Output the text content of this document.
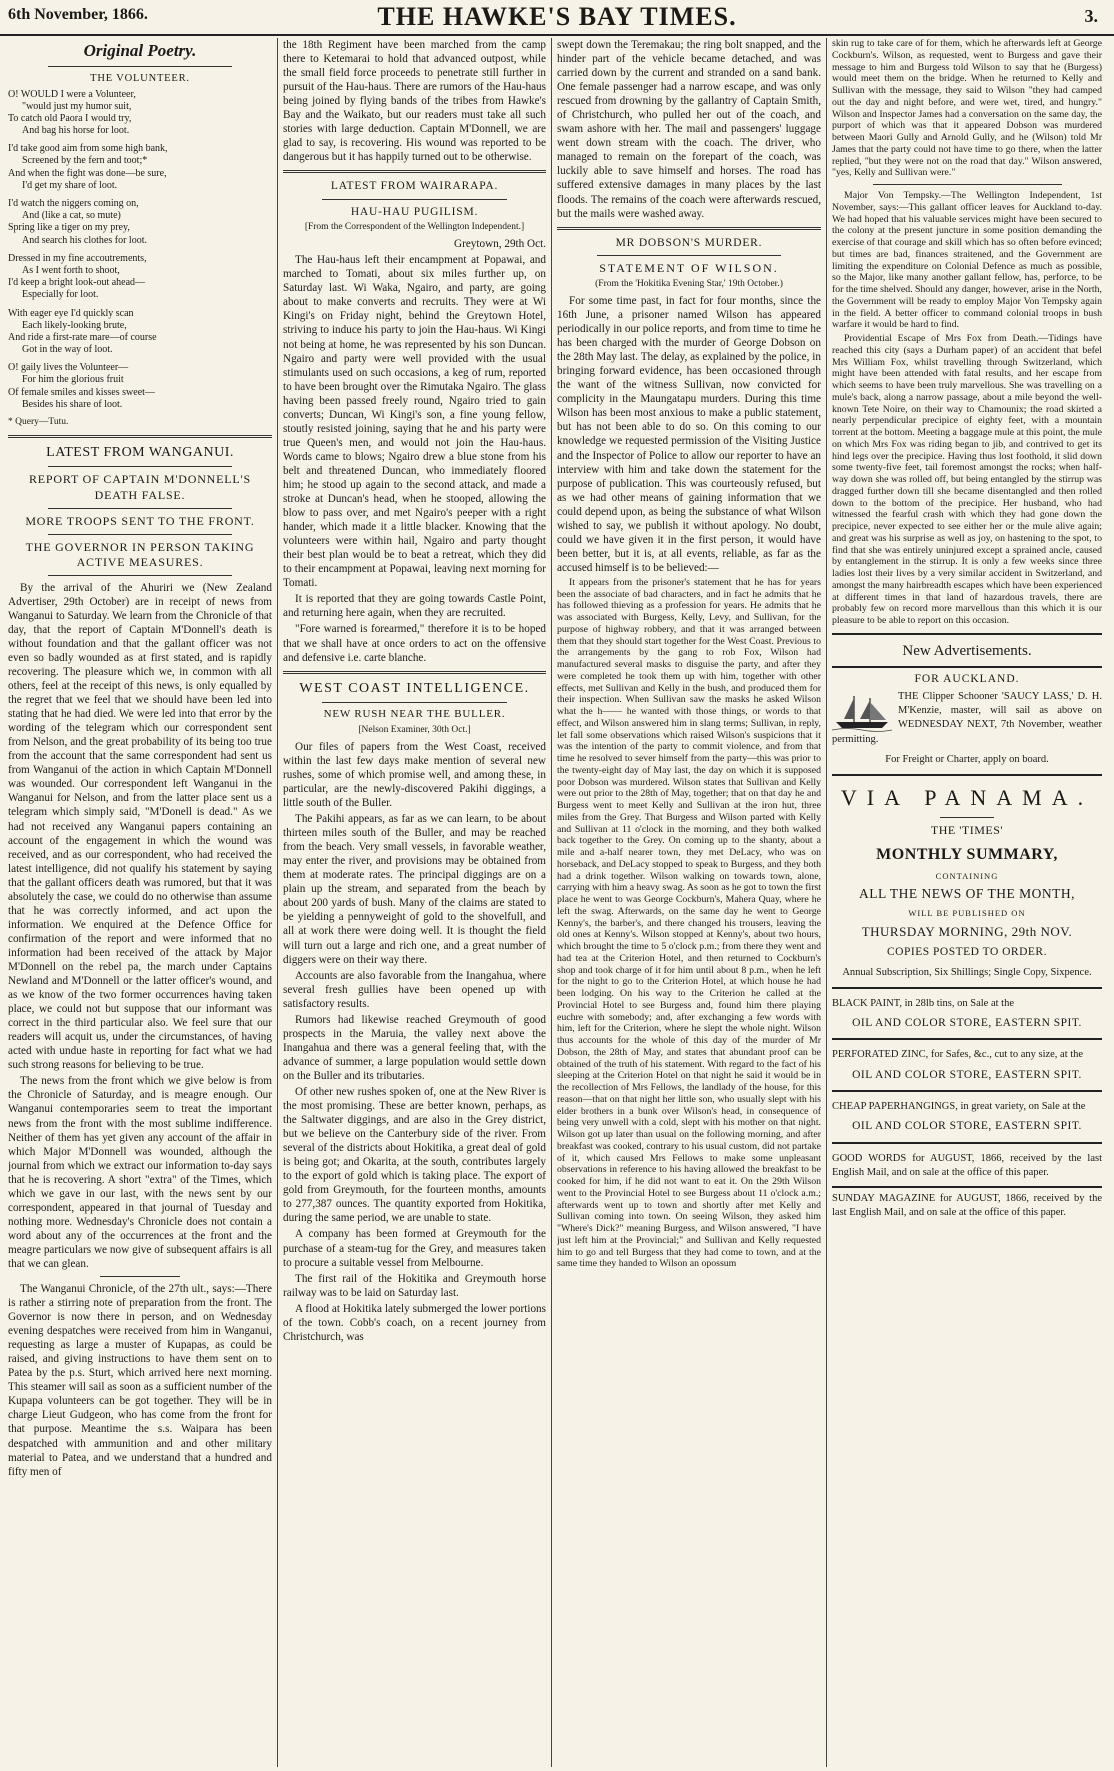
6th November, 1866.	THE HAWKE'S BAY TIMES.	3.
Original Poetry.
THE VOLUNTEER.
O! WOULD I were a Volunteer,
"would just my humor suit,
To catch old Paora I would try,
And bag his horse for loot.
I'd take good aim from some high bank,
Screened by the fern and toot;*
And when the fight was done—be sure,
I'd get my share of loot.
I'd watch the niggers coming on,
And (like a cat, so mute)
Spring like a tiger on my prey,
And search his clothes for loot.
Dressed in my fine accoutrements,
As I went forth to shoot,
I'd keep a bright look-out ahead—
Especially for loot.
With eager eye I'd quickly scan
Each likely-looking brute,
And ride a first-rate mare—of course
Got in the way of loot.
O! gaily lives the Volunteer—
For him the glorious fruit
Of female smiles and kisses sweet—
Besides his share of loot.
* Query—Tutu.
LATEST FROM WANGANUI.
REPORT OF CAPTAIN M'DONNELL'S DEATH FALSE.
MORE TROOPS SENT TO THE FRONT.
THE GOVERNOR IN PERSON TAKING ACTIVE MEASURES.

By the arrival of the Ahuriri we (New Zealand Advertiser, 29th October) are in receipt of news from Wanganui to Saturday. We learn from the Chronicle of that day, that the report of Captain M'Donnell's death is without foundation and that the gallant officer was not even so badly wounded as at first stated, and is rapidly recovering. The pleasure which we, in common with all others, feel at the receipt of this news, is only equalled by the regret that we feel that we should have been led into stating that he had died. We were led into that error by the wording of the telegram which our correspondent sent from Nelson, and the great probability of its being too true from the account that the same correspondent had sent us from Wanganui of the action in which Captain M'Donnell was wounded. Our correspondent left Wanganui in the Wanganui for Nelson, and from the latter place sent us a telegram which simply said, "M'Donell is dead." As we had not received any Wanganui papers containing an account of the engagement in which the wound was received, and as our correspondent, who had received the latest intelligence, did not qualify his statement by saying that the gallant officers death was rumored, but that it was absolutely the case, we could do no otherwise than assume that he was correctly informed, and act upon the information. We enquired at the Defence Office for confirmation of the report and were informed that no information had been received of the attack by Major M'Donnell on the rebel pa, the march under Captains Newland and M'Donnell or the latter officer's wound, and as we know of the two former occurrences having taken place, we could not but suppose that our informant was correct in the third particular also. We feel sure that our readers will acquit us, under the circumstances, of having acted with undue haste in reporting for fact what we had such strong reasons for believing to be true.

The news from the front which we give below is from the Chronicle of Saturday, and is meagre enough. Our Wanganui contemporaries seem to treat the important news from the front with the most sublime indifference. Neither of them has yet given any account of the affair in which Major M'Donnell was wounded, although the journal from which we extract our information to-day says that he is recovering. A short "extra" of the Times, which which we gave in our last, with the news sent by our correspondent, appeared in that journal of Tuesday and nothing more. Wednesday's Chronicle does not contain a word about any of the occurrences at the front and the meagre particulars we now give of subsequent affairs is all that we can glean.

The Wanganui Chronicle, of the 27th ult., says:—There is rather a stirring note of preparation from the front. The Governor is now there in person, and on Wednesday evening despatches were received from him in Wanganui, requesting as large a muster of Kupapas, as could be raised, and giving instructions to have them sent on to Patea by the p.s. Sturt, which arrived here next morning. This steamer will sail as soon as a sufficient number of the Kupapa volunteers can be got together. They will be in charge Lieut Gudgeon, who has come from the front for that purpose. Meantime the s.s. Waipara has been despatched with ammunition and and other military material to Patea, and we understand that a hundred and fifty men of

the 18th Regiment have been marched from the camp there to Ketemarai to hold that advanced outpost, while the small field force proceeds to penetrate still further in pursuit of the Hau-haus. There are rumors of the Hau-haus being joined by flying bands of the tribes from Hawke's Bay and the Waikato, but our readers must take all such stories with large deduction. Captain M'Donnell, we are glad to say, is recovering. His wound was reported to be dangerous but it has happily turned out to be otherwise.

LATEST FROM WAIRARAPA.
HAU-HAU PUGILISM.
[From the Correspondent of the Wellington Independent.]

Greytown, 29th Oct.

The Hau-haus left their encampment at Popawai, and marched to Tomati, about six miles further up, on Saturday last. Wi Waka, Ngairo, and party, are going about to make converts and recruits. They were at Wi Kingi's on Friday night, behind the Greytown Hotel, striving to induce his party to join the Hau-haus. Wi Kingi not being at home, he was represented by his son Duncan. Ngairo and party were well provided with the usual stimulants used on such occasions, a keg of rum, reported to have been brought over the Rimutaka Ngairo. The glass having been passed freely round, Ngairo tried to gain converts; Duncan, Wi Kingi's son, a fine young fellow, stoutly resisted joining, saying that he and his party were true Queen's men, and would not join the Hau-haus. Words came to blows; Ngairo drew a blue stone from his belt and threatened Duncan, who immediately floored him; he stood up again to the second attack, and made a stroke at Duncan's head, when he stooped, allowing the blow to pass over, and met Ngairo's peeper with a right hander, which made it a little blacker. Knowing that the volunteers were within hail, Ngairo and party thought their best plan would be to beat a retreat, which they did to their encampment at Popawai, leaving next morning for Tomati.

It is reported that they are going towards Castle Point, and returning here again, when they are recruited.

"Fore warned is forearmed," therefore it is to be hoped that we shall have at once orders to act on the offensive and defensive i.e. carte blanche.

WEST COAST INTELLIGENCE.
NEW RUSH NEAR THE BULLER.
[Nelson Examiner, 30th Oct.]

Our files of papers from the West Coast, received within the last few days make mention of several new rushes, some of which promise well, and among these, in particular, are the newly-discovered Pakihi diggings, a little south of the Buller.

The Pakihi appears, as far as we can learn, to be about thirteen miles south of the Buller, and may be reached from the beach. Very small vessels, in favorable weather, may enter the river, and provisions may be obtained from them at moderate rates. The principal diggings are on a plain up the stream, and separated from the beach by about 200 yards of bush. Many of the claims are stated to be yielding a pennyweight of gold to the shovelfull, and all at work there were doing well. It is thought the field will turn out a large and rich one, and a great number of diggers were on their way there.

Accounts are also favorable from the Inangahua, where several fresh gullies have been opened up with satisfactory results.

Rumors had likewise reached Greymouth of good prospects in the Maruia, the valley next above the Inangahua and there was a general feeling that, with the advance of summer, a large population would settle down on the Buller and its tributaries.

Of other new rushes spoken of, one at the New River is the most promising. These are better known, perhaps, as the Saltwater diggings, and are also in the Grey district, but we believe on the Canterbury side of the river. From several of the districts about Hokitika, a great deal of gold is being got; and Okarita, at the south, contributes largely to the export of gold which is taking place. The export of gold from Greymouth, for the fourteen months, amounts to 277,387 ounces. The quantity exported from Hokitika, during the same period, we are unable to state.

A company has been formed at Greymouth for the purchase of a steam-tug for the Grey, and measures taken to procure a suitable vessel from Melbourne.

The first rail of the Hokitika and Greymouth horse railway was to be laid on Saturday last.

A flood at Hokitika lately submerged the lower portions of the town. Cobb's coach, on a recent journey from Christchurch, was

swept down the Teremakau; the ring bolt snapped, and the hinder part of the vehicle became detached, and was carried down by the current and stranded on a sand bank. One female passenger had a narrow escape, and was only rescued from drowning by the gallantry of Captain Smith, of Christchurch, who pulled her out of the coach, and swam ashore with her. The mail and passengers' luggage went down stream with the coach. The driver, who managed to remain on the forepart of the coach, was luckily able to save himself and horses. The road has suffered extensive damages in many places by the last floods. The remains of the coach were afterwards rescued, but the mails were washed away.

MR DOBSON'S MURDER.
STATEMENT OF WILSON.
(From the 'Hokitika Evening Star,' 19th October.)

For some time past, in fact for four months, since the 16th June, a prisoner named Wilson has appeared periodically in our police reports, and from time to time he has been charged with the murder of George Dobson on the 28th May last. The delay, as explained by the police, in bringing forward evidence, has been occasioned through the want of the witness Sullivan, now convicted for complicity in the Maungatapu murders. During this time Wilson has been most anxious to make a public statement, but has not been able to do so. On this coming to our knowledge we requested permission of the Visiting Justice and the Inspector of Police to allow our reporter to have an interview with him and take down the statement for the purpose of publication. This was courteously refused, but as we had other means of gaining information that we could depend upon, as being the substance of what Wilson wished to say, we publish it without apology. No doubt, could we have given it in the first person, it would have been better, but it is, at all events, reliable, as far as the accused himself is to be believed:—

It appears from the prisoner's statement that he has for years been the associate of bad characters, and in fact he admits that he has followed thieving as a profession for years. He admits that he was associated with Burgess, Kelly, Levy, and Sullivan, for the purpose of highway robbery, and that it was arranged between them that they should start together for the West Coast. Previous to the arrangements by the gang to rob Fox, Wilson had manufactured several masks to disguise the party, and after they were completed he took them up with him, together with other effects, met Sullivan and Kelly in the bush, and produced them for their inspection. When Sullivan saw the masks he asked Wilson what the h—— he wanted with those things, or words to that effect, and Wilson answered him in slang terms; Sullivan, in reply, let fall some observations which raised Wilson's suspicions that it was the intention of the party to commit violence, and from that time he resolved to sever himself from the party—this was prior to the twenty-eight day of May last, the day on which it is supposed poor Dobson was murdered. Wilson states that Sullivan and Kelly were out prior to the 28th of May, together; that on that day he and Burgess went to meet Kelly and Sullivan at the iron hut, three miles from the Grey. That Burgess and Wilson parted with Kelly and Sullivan at 11 o'clock in the morning, and they both walked back together to the Grey. On coming up to the shanty, about a mile and a-half nearer town, they met DeLacy, who was on horseback, and DeLacy stopped to speak to Burgess, and they both had a drink together. Wilson walking on towards town, alone, carrying with him a heavy swag. As soon as he got to town the first place he went to was George Cockburn's, Mahera Quay, where he left the swag. Afterwards, on the same day he went to George Kenny's, the barber's, and there changed his trousers, leaving the old ones at Kenny's. Wilson stopped at Kenny's, about two hours, which brought the time to 5 o'clock p.m.; from there they went and had tea at the Criterion Hotel, and then returned to Cockburn's shop and took charge of it for him until about 8 p.m., when he left for the night to go to the Criterion Hotel, at which house he had been lodging. On his way to the Criterion he called at the Provincial Hotel to see Burgess and, found him there playing euchre with somebody; and, after exchanging a few words with him, left for the Criterion, where he slept the whole night. Wilson thus accounts for the whole of this day of the murder of Mr Dobson, the 28th of May, and states that abundant proof can be obtained of the truth of his statement. With regard to the fact of his sleeping at the Criterion Hotel on that night he said it would be in the recollection of Mrs Fellows, the landlady of the house, for this reason—that on that night her little son, who usually slept with his elder brothers in a bunk over Wilson's head, in consequence of being very unwell with a cold, slept with his mother on that night. Wilson got up later than usual on the following morning, and after breakfast was cooked, contrary to his usual custom, did not partake of it, which caused Mrs Fellows to make some unpleasant observations in reference to his having allowed the breakfast to be cooked for him, if he did not want to eat it. On the 29th Wilson went to the Provincial Hotel to see Burgess about 11 o'clock a.m.; afterwards went up to town and shortly after met Kelly and Sullivan coming into town. On seeing Wilson, they asked him "Where's Dick?" meaning Burgess, and Wilson answered, "I have just left him at the Provincial;" and Sullivan and Kelly requested him to go and tell Burgess that they had come to town, and at the same time they handed to Wilson an opossum

skin rug to take care of for them, which he afterwards left at George Cockburn's. Wilson, as requested, went to Burgess and gave their message to him and Burgess told Wilson to say that he (Burgess) would meet them on the bridge. When he returned to Kelly and Sullivan with the message, they said to Wilson "they had camped out the day and night before, and were wet, tired, and hungry." Wilson and Inspector James had a conversation on the same day, the purport of which was that it appeared Dobson was murdered between Maori Gully and Arnold Gully, and he (Wilson) told Mr James that the party could not have time to go there, when the latter replied, "but they were not on the road that day." Wilson answered, "yes, Kelly and Sullivan were."

Major Von Tempsky.—The Wellington Independent, 1st November, says:—This gallant officer leaves for Auckland to-day. We had hoped that his valuable services might have been secured to the colony at the present juncture in some position demanding the exercise of that courage and skill which has so often before evinced; but times are bad, finances straitened, and the Government are limiting the expenditure on Colonial Defence as much as possible, so the Major, like many another gallant fellow, has, perforce, to be for the time shelved. Should any danger, however, arise in the North, the Government will be ready to employ Major Von Tempsky again in the field. A better officer to command colonial troops in bush warfare it would be hard to find.

Providential Escape of Mrs Fox from Death.—Tidings have reached this city (says a Durham paper) of an accident that befel Mrs William Fox, whilst travelling through Switzerland, which might have been attended with fatal results, and her escape from which seems to have been truly marvellous. She was travelling on a mule's back, along a narrow passage, about a mile beyond the well-known Tete Noire, on their way to Chamounix; the road skirted a nearly perpendicular precipice of eighty feet, with a mountain torrent at the bottom. Meeting a baggage mule at this point, the mule on which Mrs Fox was riding began to jib, and contrived to get its hind legs over the precipice. Having thus lost foothold, it slid down some twenty-five feet, tail foremost amongst the rocks; when half-way down she was rolled off, but being entangled by the stirrup was dragged further down till she became disentangled and then rolled down to the bottom of the precipice. Her husband, who had witnessed the fearful crash with which they had gone down the precipice, never expected to see either her or the mule alive again; and great was his surprise as well as joy, on hastening to the spot, to find that she was entirely uninjured except a sprained ancle, caused by entanglement in the stirrup. It is only a few weeks since three ladies lost their lives by a very similar accident in Switzerland, and amongst the many hairbreadth escapes which have been experienced at different times in that land of hazardous travels, there are probably few on record more marvellous than this which it is our pleasure to be able to report on this occasion.

New Advertisements.
FOR AUCKLAND.
THE Clipper Schooner 'SAUCY LASS,' D. H. M'Kenzie, master, will sail as above on WEDNESDAY NEXT, 7th November, weather permitting.
For Freight or Charter, apply on board.
VIA PANAMA.
THE 'TIMES'
MONTHLY SUMMARY,
CONTAINING
ALL THE NEWS OF THE MONTH,
WILL BE PUBLISHED ON
THURSDAY MORNING, 29th NOV.
COPIES POSTED TO ORDER.
Annual Subscription, Six Shillings; Single Copy, Sixpence.
BLACK PAINT, in 28lb tins, on Sale at the
OIL AND COLOR STORE, EASTERN SPIT.
PERFORATED ZINC, for Safes, &c., cut to any size, at the
OIL AND COLOR STORE, EASTERN SPIT.
CHEAP PAPERHANGINGS, in great variety, on Sale at the
OIL AND COLOR STORE, EASTERN SPIT.
GOOD WORDS for AUGUST, 1866, received by the last English Mail, and on sale at the office of this paper.
SUNDAY MAGAZINE for AUGUST, 1866, received by the last English Mail, and on sale at the office of this paper.
